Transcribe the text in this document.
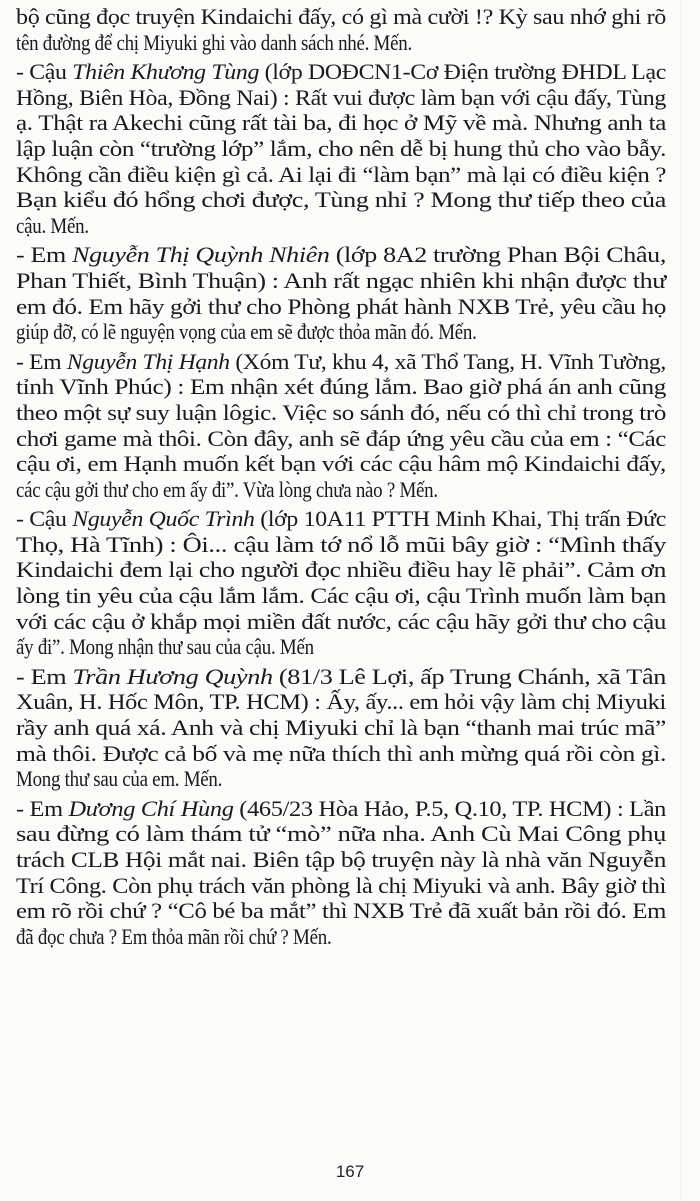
bộ cũng đọc truyện Kindaichi đấy, có gì mà cười !? Kỳ sau nhớ ghi rõ
tên đường để chị Miyuki ghi vào danh sách nhé. Mến.
- Cậu Thiên Khương Tùng (lớp DOĐCN1-Cơ Điện trường ĐHDL Lạc
Hồng, Biên Hòa, Đồng Nai) : Rất vui được làm bạn với cậu đấy, Tùng
ạ. Thật ra Akechi cũng rất tài ba, đi học ở Mỹ về mà. Nhưng anh ta
lập luận còn “trường lớp” lắm, cho nên dễ bị hung thủ cho vào bẫy.
Không cần điều kiện gì cả. Ai lại đi “làm bạn” mà lại có điều kiện ?
Bạn kiểu đó hổng chơi được, Tùng nhỉ ? Mong thư tiếp theo của
cậu. Mến.
- Em Nguyễn Thị Quỳnh Nhiên (lớp 8A2 trường Phan Bội Châu,
Phan Thiết, Bình Thuận) : Anh rất ngạc nhiên khi nhận được thư
em đó. Em hãy gởi thư cho Phòng phát hành NXB Trẻ, yêu cầu họ
giúp đỡ, có lẽ nguyện vọng của em sẽ được thỏa mãn đó. Mến.
- Em Nguyễn Thị Hạnh (Xóm Tư, khu 4, xã Thổ Tang, H. Vĩnh Tường,
tỉnh Vĩnh Phúc) : Em nhận xét đúng lắm. Bao giờ phá án anh cũng
theo một sự suy luận lôgic. Việc so sánh đó, nếu có thì chỉ trong trò
chơi game mà thôi. Còn đây, anh sẽ đáp ứng yêu cầu của em : “Các
cậu ơi, em Hạnh muốn kết bạn với các cậu hâm mộ Kindaichi đấy,
các cậu gởi thư cho em ấy đi”. Vừa lòng chưa nào ? Mến.
- Cậu Nguyễn Quốc Trình (lớp 10A11 PTTH Minh Khai, Thị trấn Đức
Thọ, Hà Tĩnh) : Ôi... cậu làm tớ nổ lỗ mũi bây giờ : “Mình thấy
Kindaichi đem lại cho người đọc nhiều điều hay lẽ phải”. Cảm ơn
lòng tin yêu của cậu lắm lắm. Các cậu ơi, cậu Trình muốn làm bạn
với các cậu ở khắp mọi miền đất nước, các cậu hãy gởi thư cho cậu
ấy đi”. Mong nhận thư sau của cậu. Mến
- Em Trần Hương Quỳnh (81/3 Lê Lợi, ấp Trung Chánh, xã Tân
Xuân, H. Hốc Môn, TP. HCM) : Ấy, ấy... em hỏi vậy làm chị Miyuki
rầy anh quá xá. Anh và chị Miyuki chỉ là bạn “thanh mai trúc mã”
mà thôi. Được cả bố và mẹ nữa thích thì anh mừng quá rồi còn gì.
Mong thư sau của em. Mến.
- Em Dương Chí Hùng (465/23 Hòa Hảo, P.5, Q.10, TP. HCM) : Lần
sau đừng có làm thám tử “mò” nữa nha. Anh Cù Mai Công phụ
trách CLB Hội mắt nai. Biên tập bộ truyện này là nhà văn Nguyễn
Trí Công. Còn phụ trách văn phòng là chị Miyuki và anh. Bây giờ thì
em rõ rồi chứ ? “Cô bé ba mắt” thì NXB Trẻ đã xuất bản rồi đó. Em
đã đọc chưa ? Em thỏa mãn rồi chứ ? Mến.
167
